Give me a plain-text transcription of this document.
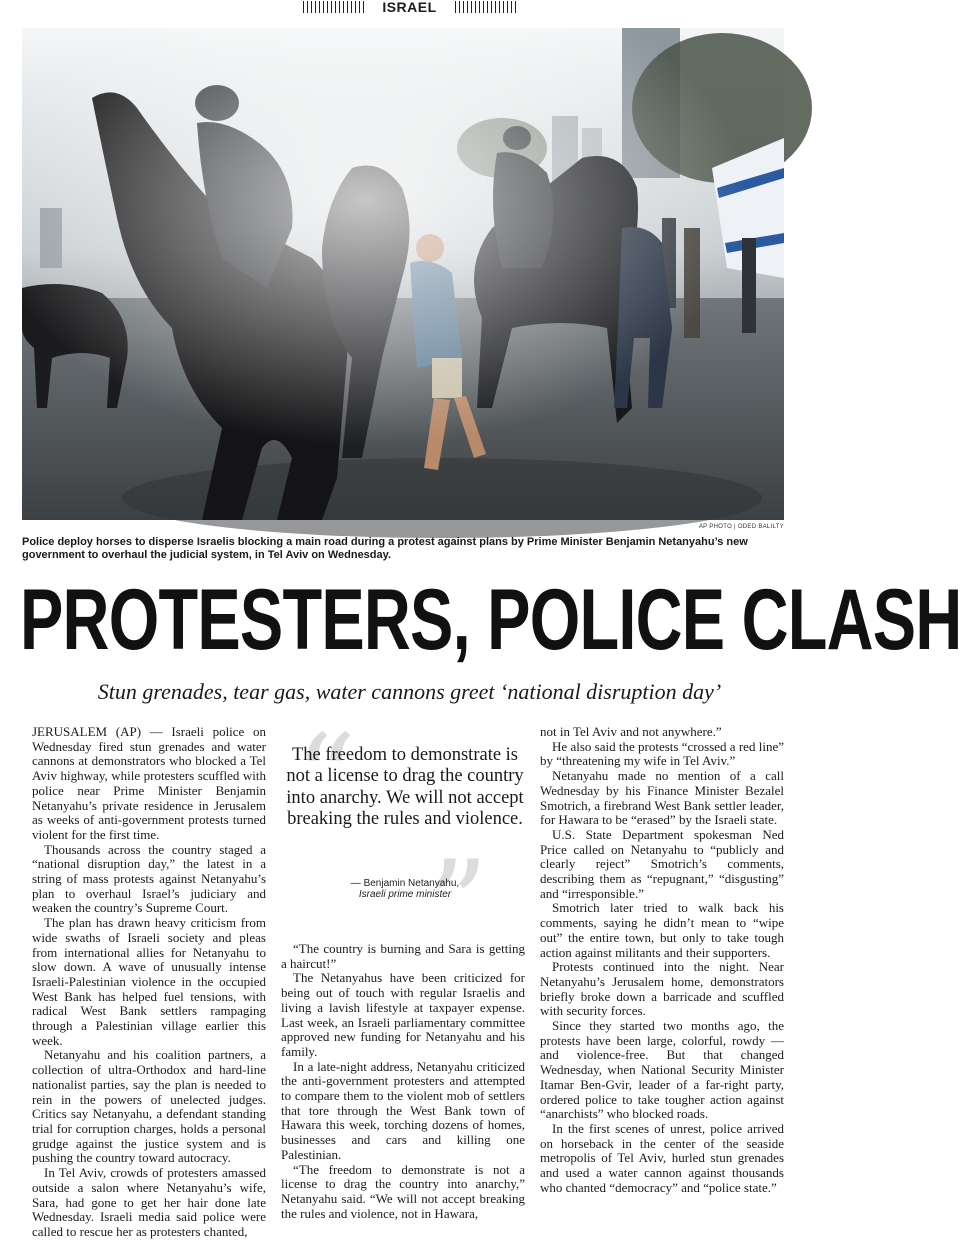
ISRAEL
AP PHOTO | ODED BALILTY
Police deploy horses to disperse Israelis blocking a main road during a protest against plans by Prime Minister Benjamin Netanyahu’s new government to overhaul the judicial system, in Tel Aviv on Wednesday.
PROTESTERS, POLICE CLASH
Stun grenades, tear gas, water cannons greet ‘national disruption day’

JERUSALEM (AP) — Israeli police on Wednesday fired stun grenades and water cannons at demonstrators who blocked a Tel Aviv highway, while protesters scuffled with police near Prime Minister Benjamin Netanyahu’s private residence in Jerusalem as weeks of anti-government protests turned violent for the first time.

Thousands across the country staged a “national disruption day,” the latest in a string of mass protests against Netanyahu’s plan to overhaul Israel’s judiciary and weaken the country’s Supreme Court.

The plan has drawn heavy criticism from wide swaths of Israeli society and pleas from international allies for Netanyahu to slow down. A wave of unusually intense Israeli-Palestinian violence in the occupied West Bank has helped fuel tensions, with radical West Bank settlers rampaging through a Palestinian village earlier this week.

Netanyahu and his coalition partners, a collection of ultra-Orthodox and hard-line nationalist parties, say the plan is needed to rein in the powers of unelected judges. Critics say Netanyahu, a defendant standing trial for corruption charges, holds a personal grudge against the justice system and is pushing the country toward autocracy.

In Tel Aviv, crowds of protesters amassed outside a salon where Netanyahu’s wife, Sara, had gone to get her hair done late Wednesday. Israeli media said police were called to rescue her as protesters chanted,

“
”
The freedom to demonstrate is not a license to drag the country into anarchy. We will not accept breaking the rules and violence.
— Benjamin Netanyahu,
Israeli prime minister

“The country is burning and Sara is getting a haircut!”

The Netanyahus have been criticized for being out of touch with regular Israelis and living a lavish lifestyle at taxpayer expense. Last week, an Israeli parliamentary committee approved new funding for Netanyahu and his family.

In a late-night address, Netanyahu criticized the anti-government protesters and attempted to compare them to the violent mob of settlers that tore through the West Bank town of Hawara this week, torching dozens of homes, businesses and cars and killing one Palestinian.

“The freedom to demonstrate is not a license to drag the country into anarchy,” Netanyahu said. “We will not accept breaking the rules and violence, not in Hawara,

not in Tel Aviv and not anywhere.”

He also said the protests “crossed a red line” by “threatening my wife in Tel Aviv.”

Netanyahu made no mention of a call Wednesday by his Finance Minister Bezalel Smotrich, a firebrand West Bank settler leader, for Hawara to be “erased” by the Israeli state.

U.S. State Department spokesman Ned Price called on Netanyahu to “publicly and clearly reject” Smotrich’s comments, describing them as “repugnant,” “disgusting” and “irresponsible.”

Smotrich later tried to walk back his comments, saying he didn’t mean to “wipe out” the entire town, but only to take tough action against militants and their supporters.

Protests continued into the night. Near Netanyahu’s Jerusalem home, demonstrators briefly broke down a barricade and scuffled with security forces.

Since they started two months ago, the protests have been large, colorful, rowdy — and violence-free. But that changed Wednesday, when National Security Minister Itamar Ben-Gvir, leader of a far-right party, ordered police to take tougher action against “anarchists” who blocked roads.

In the first scenes of unrest, police arrived on horseback in the center of the seaside metropolis of Tel Aviv, hurled stun grenades and used a water cannon against thousands who chanted “democracy” and “police state.”
